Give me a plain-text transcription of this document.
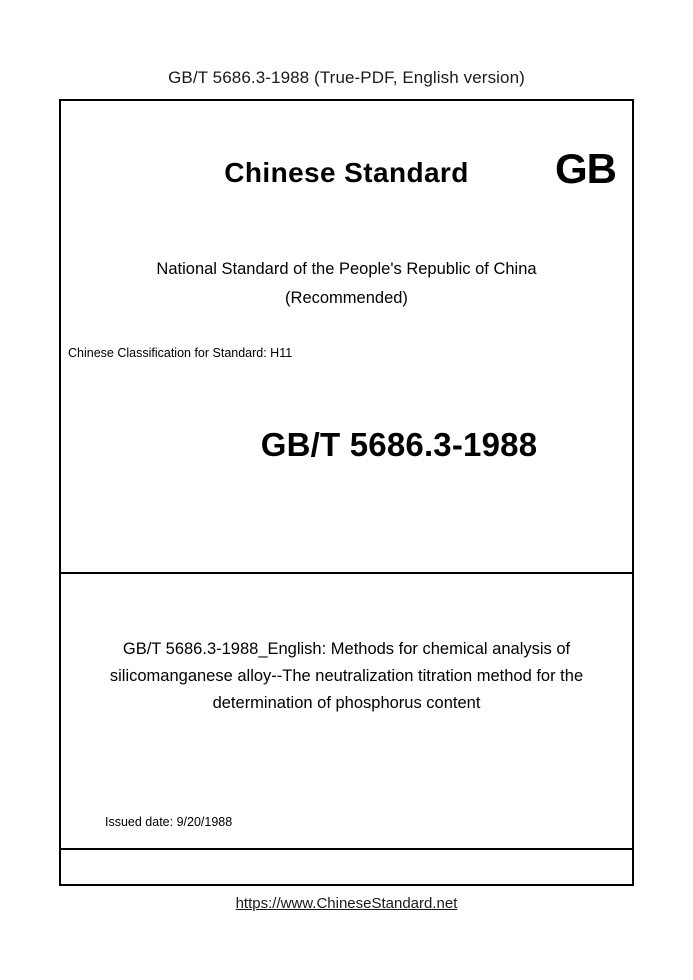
GB/T 5686.3-1988 (True-PDF, English version)
Chinese Standard	GB
National Standard of the People's Republic of China
(Recommended)
Chinese Classification for Standard: H11
GB/T 5686.3-1988
GB/T 5686.3-1988_English: Methods for chemical analysis of silicomanganese alloy--The neutralization titration method for the determination of phosphorus content
Issued date: 9/20/1988
https://www.ChineseStandard.net
